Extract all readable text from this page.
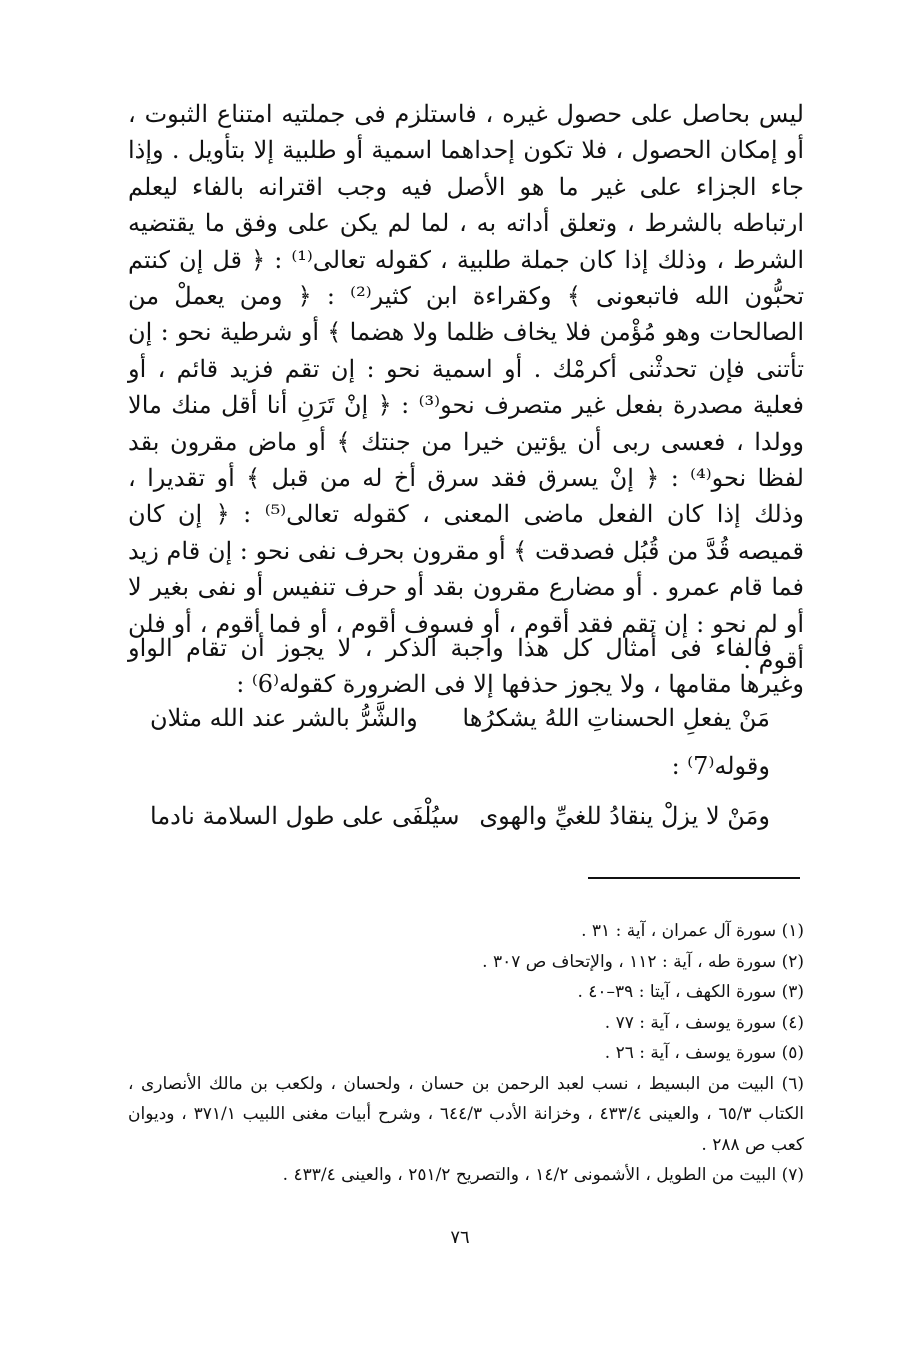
ليس بحاصل على حصول غيره ، فاستلزم فى جملتيه امتناع الثبوت ، أو إمكان الحصول ، فلا تكون إحداهما اسمية أو طلبية إلا بتأويل . وإذا جاء الجزاء على غير ما هو الأصل فيه وجب اقترانه بالفاء ليعلم ارتباطه بالشرط ، وتعلق أداته به ، لما لم يكن على وفق ما يقتضيه الشرط ، وذلك إذا كان جملة طلبية ، كقوله تعالى⁽¹⁾ : ﴿ قل إن كنتم تحبُّون الله فاتبعونى ﴾ وكقراءة ابن كثير⁽²⁾ : ﴿ ومن يعملْ من الصالحات وهو مُؤْمن فلا يخاف ظلما ولا هضما ﴾ أو شرطية نحو : إن تأتنى فإن تحدثْنى أكرمْك . أو اسمية نحو : إن تقم فزيد قائم ، أو فعلية مصدرة بفعل غير متصرف نحو⁽³⁾ : ﴿ إنْ تَرَنِ أنا أقل منك مالا وولدا ، فعسى ربى أن يؤتين خيرا من جنتك ﴾ أو ماض مقرون بقد لفظا نحو⁽⁴⁾ : ﴿ إنْ يسرق فقد سرق أخ له من قبل ﴾ أو تقديرا ، وذلك إذا كان الفعل ماضى المعنى ، كقوله تعالى⁽⁵⁾ : ﴿ إن كان قميصه قُدَّ من قُبُل فصدقت ﴾ أو مقرون بحرف نفى نحو : إن قام زيد فما قام عمرو . أو مضارع مقرون بقد أو حرف تنفيس أو نفى بغير لا أو لم نحو : إن تقم فقد أقوم ، أو فسوف أقوم ، أو فما أقوم ، أو فلن أقوم .

فالفاء فى أمثال كل هذا واجبة الذكر ، لا يجوز أن تقام الواو وغيرها مقامها ، ولا يجوز حذفها إلا فى الضرورة كقوله⁽6⁾ :

مَنْ يفعلِ الحسناتِ اللهُ يشكرُها
والشَّرُّ بالشر عند الله مثلان
وقوله⁽7⁾ :
ومَنْ لا يزلْ ينقادُ للغيِّ والهوى
سيُلْفَى على طول السلامة نادما

(١) سورة آل عمران ، آية : ٣١ .

(٢) سورة طه ، آية : ١١٢ ، والإتحاف ص ٣٠٧ .

(٣) سورة الكهف ، آيتا : ٣٩–٤٠ .

(٤) سورة يوسف ، آية : ٧٧ .

(٥) سورة يوسف ، آية : ٢٦ .

(٦) البيت من البسيط ، نسب لعبد الرحمن بن حسان ، ولحسان ، ولكعب بن مالك الأنصارى ، الكتاب ٦٥/٣ ، والعينى ٤٣٣/٤ ، وخزانة الأدب ٦٤٤/٣ ، وشرح أبيات مغنى اللبيب ٣٧١/١ ، وديوان كعب ص ٢٨٨ .

(٧) البيت من الطويل ، الأشمونى ١٤/٢ ، والتصريح ٢٥١/٢ ، والعينى ٤٣٣/٤ .

٧٦
